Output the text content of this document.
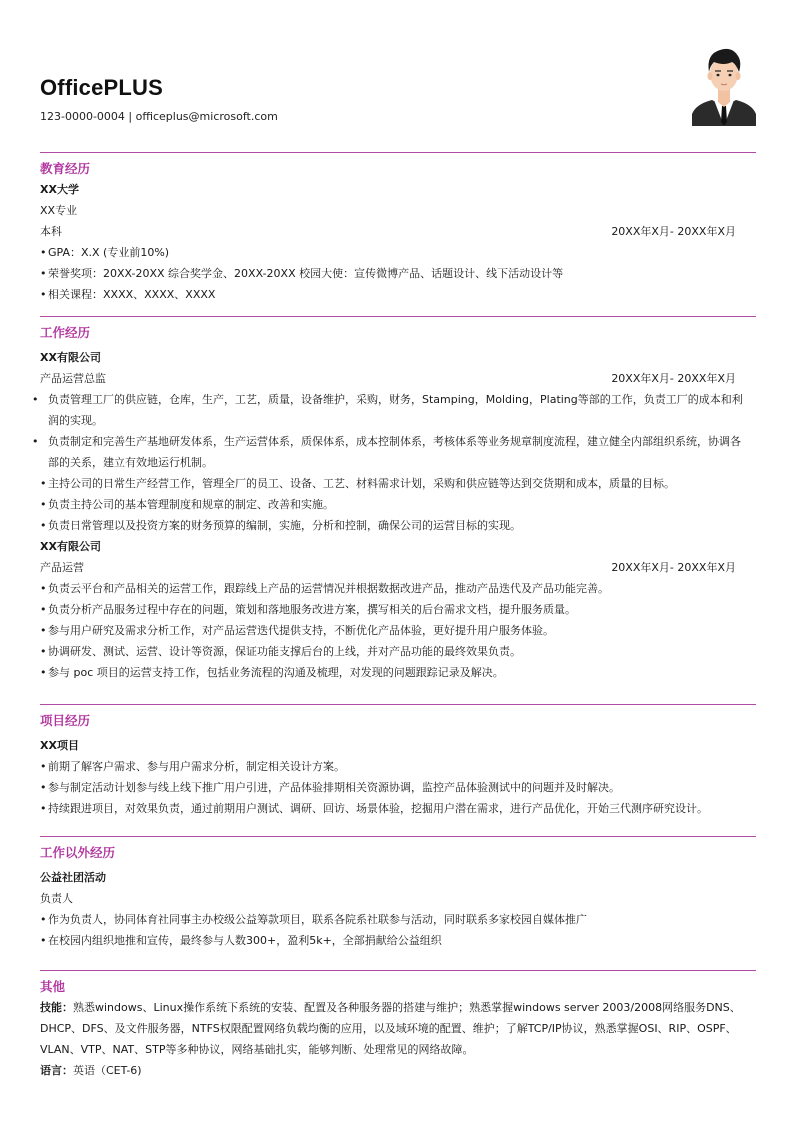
OfficePLUS
123-0000-0004 | officeplus@microsoft.com
教育经历
XX大学
XX专业
本科	20XX年X月- 20XX年X月
• GPA：X.X (专业前10%)
• 荣誉奖项：20XX-20XX 综合奖学金、20XX-20XX 校园大使：宣传微博产品、话题设计、线下活动设计等
• 相关课程：XXXX、XXXX、XXXX
工作经历
XX有限公司
产品运营总监	20XX年X月- 20XX年X月
• 负责管理工厂的供应链，仓库，生产，工艺，质量，设备维护，采购，财务，Stamping，Molding，Plating等部的工作，负责工厂的成本和利润的实现。
• 负责制定和完善生产基地研发体系，生产运营体系，质保体系，成本控制体系，考核体系等业务规章制度流程，建立健全内部组织系统，协调各部的关系，建立有效地运行机制。
• 主持公司的日常生产经营工作，管理全厂的员工、设备、工艺、材料需求计划，采购和供应链等达到交货期和成本，质量的目标。
• 负责主持公司的基本管理制度和规章的制定、改善和实施。
• 负责日常管理以及投资方案的财务预算的编制，实施，分析和控制，确保公司的运营目标的实现。
XX有限公司
产品运营	20XX年X月- 20XX年X月
• 负责云平台和产品相关的运营工作，跟踪线上产品的运营情况并根据数据改进产品，推动产品迭代及产品功能完善。
• 负责分析产品服务过程中存在的问题，策划和落地服务改进方案，撰写相关的后台需求文档，提升服务质量。
• 参与用户研究及需求分析工作，对产品运营迭代提供支持，不断优化产品体验，更好提升用户服务体验。
• 协调研发、测试、运营、设计等资源，保证功能支撑后台的上线，并对产品功能的最终效果负责。
• 参与 poc 项目的运营支持工作，包括业务流程的沟通及梳理，对发现的问题跟踪记录及解决。
项目经历
XX项目
• 前期了解客户需求、参与用户需求分析，制定相关设计方案。
• 参与制定活动计划参与线上线下推广用户引进，产品体验排期相关资源协调，监控产品体验测试中的问题并及时解决。
• 持续跟进项目，对效果负责，通过前期用户测试、调研、回访、场景体验，挖掘用户潜在需求，进行产品优化，开始三代测序研究设计。
工作以外经历
公益社团活动
负责人
• 作为负责人，协同体育社同事主办校级公益筹款项目，联系各院系社联参与活动，同时联系多家校园自媒体推广
• 在校园内组织地推和宣传，最终参与人数300+，盈利5k+，全部捐献给公益组织
其他
技能：熟悉windows、Linux操作系统下系统的安装、配置及各种服务器的搭建与维护；熟悉掌握windows server 2003/2008网络服务DNS、DHCP、DFS、及文件服务器，NTFS权限配置网络负载均衡的应用，以及域环境的配置、维护；了解TCP/IP协议，熟悉掌握OSI、RIP、OSPF、VLAN、VTP、NAT、STP等多种协议，网络基础扎实，能够判断、处理常见的网络故障。
语言：英语（CET-6)
